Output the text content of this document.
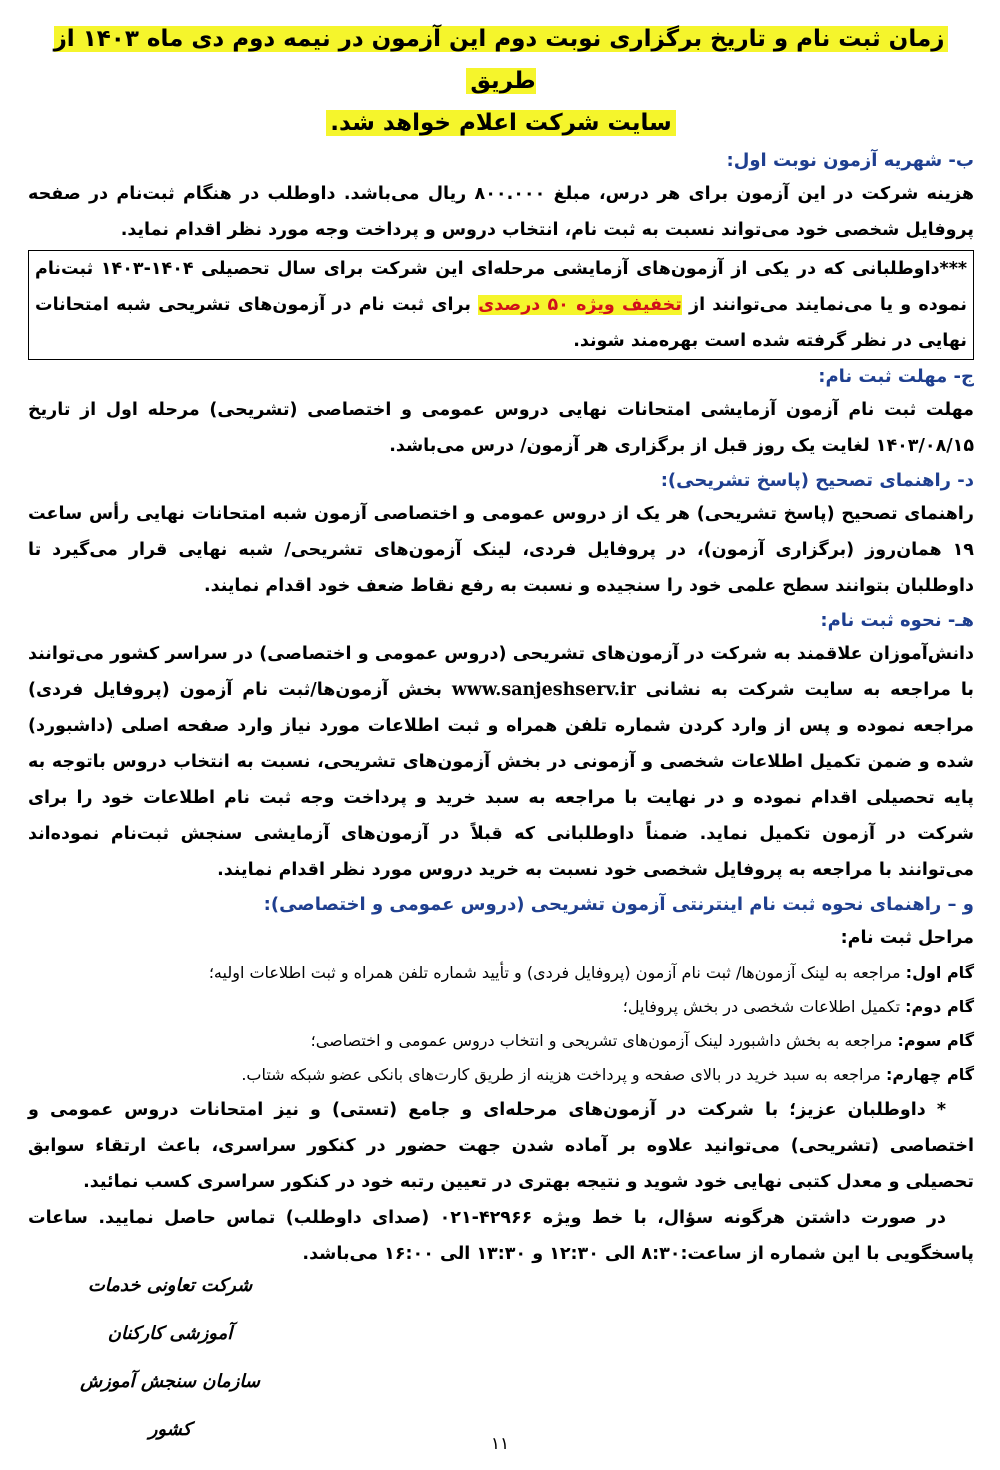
زمان ثبت نام و تاریخ برگزاری نوبت دوم این آزمون در نیمه دوم دی ماه ۱۴۰۳ از طریق
سایت شرکت اعلام خواهد شد.
ب- شهریه آزمون نوبت اول:

هزینه شرکت در این آزمون برای هر درس، مبلغ ۸۰۰.۰۰۰ ریال می‌باشد. داوطلب در هنگام ثبت‌نام در صفحه پروفایل شخصی خود می‌تواند نسبت به ثبت نام، انتخاب دروس و پرداخت وجه مورد نظر اقدام نماید.

***داوطلبانی که در یکی از آزمون‌های آزمایشی مرحله‌ای این شرکت برای سال تحصیلی ۱۴۰۴-۱۴۰۳ ثبت‌نام نموده و یا می‌نمایند می‌توانند از تخفیف ویژه ۵۰ درصدی برای ثبت نام در آزمون‌های تشریحی شبه امتحانات نهایی در نظر گرفته شده است بهره‌مند شوند.

ج- مهلت ثبت نام:

مهلت ثبت نام آزمون آزمایشی امتحانات نهایی دروس عمومی و اختصاصی (تشریحی) مرحله اول از تاریخ ۱۴۰۳/۰۸/۱۵ لغایت یک روز قبل از برگزاری هر آزمون/ درس می‌باشد.

د- راهنمای تصحیح (پاسخ تشریحی):

راهنمای تصحیح (پاسخ تشریحی) هر یک از دروس عمومی و اختصاصی آزمون شبه امتحانات نهایی رأس ساعت ۱۹ همان‌روز (برگزاری آزمون)، در پروفایل فردی، لینک آزمون‌های تشریحی/ شبه نهایی قرار می‌گیرد تا داوطلبان بتوانند سطح علمی خود را سنجیده و نسبت به رفع نقاط ضعف خود اقدام نمایند.

هـ- نحوه ثبت نام:

دانش‌آموزان علاقمند به شرکت در آزمون‌های تشریحی (دروس عمومی و اختصاصی) در سراسر کشور می‌توانند با مراجعه به سایت شرکت به نشانی www.sanjeshserv.ir بخش آزمون‌ها/ثبت نام آزمون (پروفایل فردی) مراجعه نموده و پس از وارد کردن شماره تلفن همراه و ثبت اطلاعات مورد نیاز وارد صفحه اصلی (داشبورد) شده و ضمن تکمیل اطلاعات شخصی و آزمونی در بخش آزمون‌های تشریحی، نسبت به انتخاب دروس باتوجه به پایه تحصیلی اقدام نموده و در نهایت با مراجعه به سبد خرید و پرداخت وجه ثبت نام اطلاعات خود را برای شرکت در آزمون تکمیل نماید. ضمناً داوطلبانی که قبلاً در آزمون‌های آزمایشی سنجش ثبت‌نام نموده‌اند می‌توانند با مراجعه به پروفایل شخصی خود نسبت به خرید دروس مورد نظر اقدام نمایند.

و – راهنمای نحوه ثبت نام اینترنتی آزمون تشریحی (دروس عمومی و اختصاصی):

مراحل ثبت نام:

گام اول: مراجعه به لینک آزمون‌ها/ ثبت نام آزمون (پروفایل فردی) و تأیید شماره تلفن همراه و ثبت اطلاعات اولیه؛
گام دوم: تکمیل اطلاعات شخصی در بخش پروفایل؛
گام سوم: مراجعه به بخش داشبورد لینک آزمون‌های تشریحی و انتخاب دروس عمومی و اختصاصی؛
گام چهارم: مراجعه به سبد خرید در بالای صفحه و پرداخت هزینه از طریق کارت‌های بانکی عضو شبکه شتاب.

* داوطلبان عزیز؛ با شرکت در آزمون‌های مرحله‌ای و جامع (تستی) و نیز امتحانات دروس عمومی و اختصاصی (تشریحی) می‌توانید علاوه بر آماده شدن جهت حضور در کنکور سراسری، باعث ارتقاء سوابق تحصیلی و معدل کتبی نهایی خود شوید و نتیجه بهتری در تعیین رتبه خود در کنکور سراسری کسب نمائید.

در صورت داشتن هرگونه سؤال، با خط ویژه ۴۲۹۶۶-۰۲۱ (صدای داوطلب) تماس حاصل نمایید. ساعات پاسخگویی با این شماره از ساعت:۸:۳۰ الی ۱۲:۳۰ و ۱۳:۳۰ الی ۱۶:۰۰ می‌باشد.

شرکت تعاونی خدمات آموزشی کارکنان
سازمان سنجش آموزش کشور
۱۱
